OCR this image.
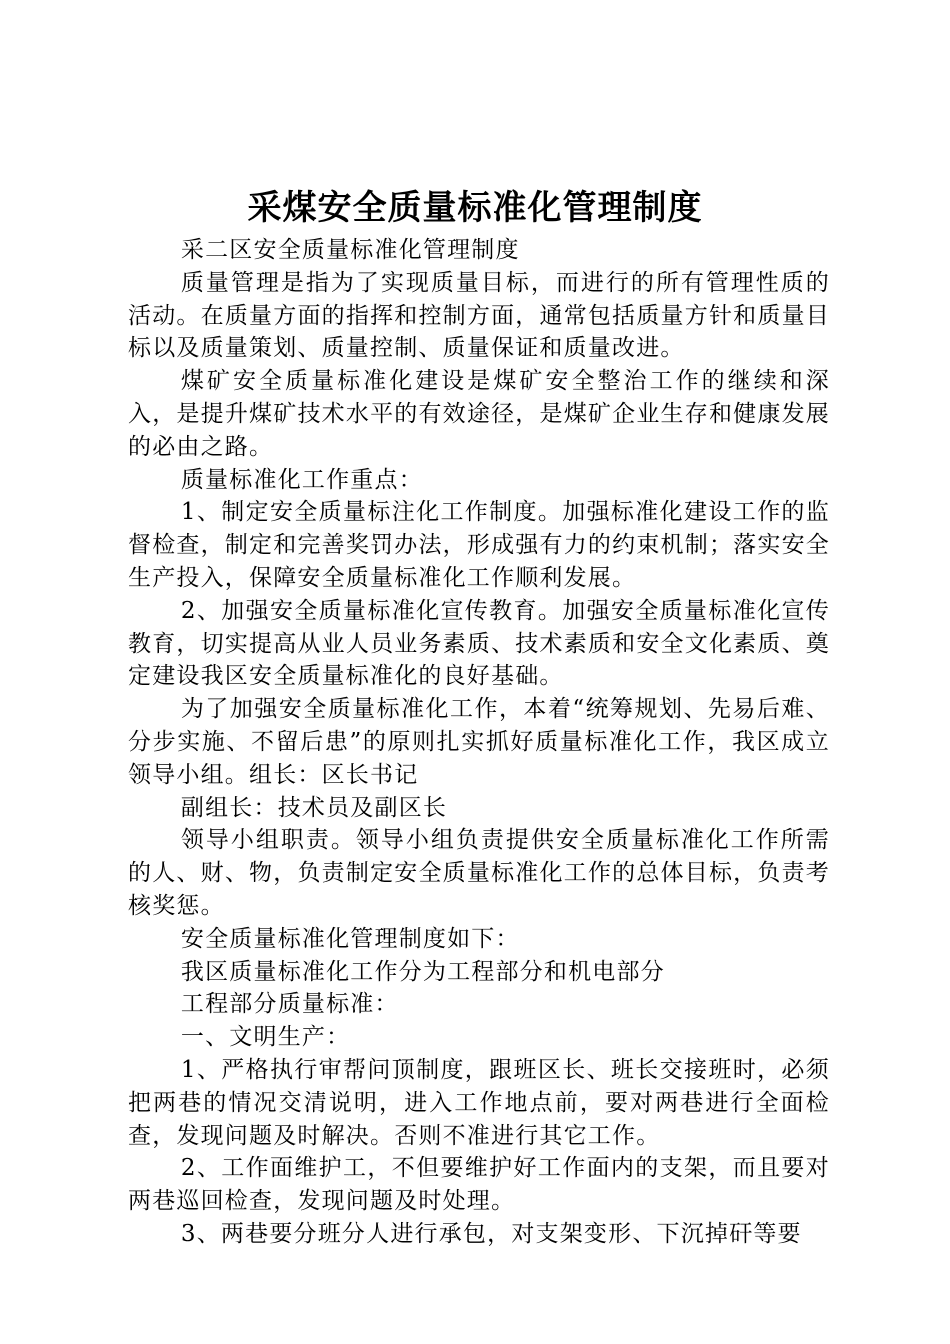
采煤安全质量标准化管理制度

采二区安全质量标准化管理制度

质量管理是指为了实现质量目标，而进行的所有管理性质的活动。在质量方面的指挥和控制方面，通常包括质量方针和质量目标以及质量策划、质量控制、质量保证和质量改进。

煤矿安全质量标准化建设是煤矿安全整治工作的继续和深入，是提升煤矿技术水平的有效途径，是煤矿企业生存和健康发展的必由之路。

质量标准化工作重点：

1、制定安全质量标注化工作制度。加强标准化建设工作的监督检查，制定和完善奖罚办法，形成强有力的约束机制；落实安全生产投入，保障安全质量标准化工作顺利发展。

2、加强安全质量标准化宣传教育。加强安全质量标准化宣传教育，切实提高从业人员业务素质、技术素质和安全文化素质、奠定建设我区安全质量标准化的良好基础。

为了加强安全质量标准化工作，本着“统筹规划、先易后难、分步实施、不留后患”的原则扎实抓好质量标准化工作，我区成立领导小组。组长：区长书记

副组长：技术员及副区长

领导小组职责。领导小组负责提供安全质量标准化工作所需的人、财、物，负责制定安全质量标准化工作的总体目标，负责考核奖惩。

安全质量标准化管理制度如下：

我区质量标准化工作分为工程部分和机电部分

工程部分质量标准：

一、文明生产：

1、严格执行审帮问顶制度，跟班区长、班长交接班时，必须把两巷的情况交清说明，进入工作地点前，要对两巷进行全面检查，发现问题及时解决。否则不准进行其它工作。

2、工作面维护工，不但要维护好工作面内的支架，而且要对两巷巡回检查，发现问题及时处理。

3、两巷要分班分人进行承包，对支架变形、下沉掉矸等要
